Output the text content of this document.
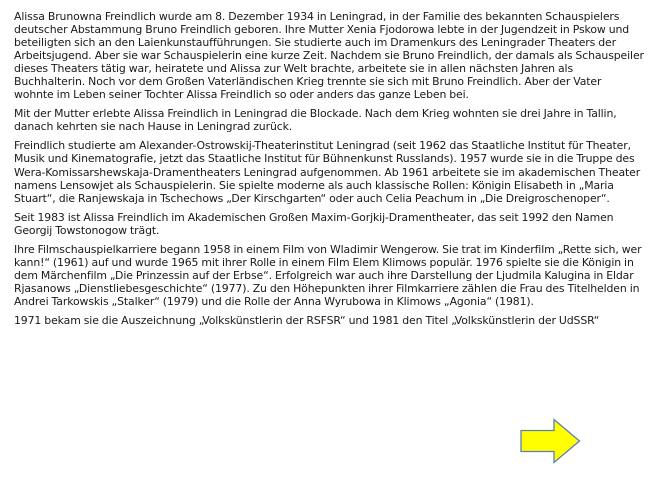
Alissa Brunowna Freindlich wurde am 8. Dezember 1934 in Leningrad, in der Familie des bekannten Schauspielers deutscher Abstammung Bruno Freindlich geboren. Ihre Mutter Xenia Fjodorowa lebte in der Jugendzeit in Pskow und beteiligten sich an den Laienkunstaufführungen. Sie studierte auch im Dramenkurs des Leningrader Theaters der Arbeitsjugend. Aber sie war Schauspielerin eine kurze Zeit. Nachdem sie Bruno Freindlich, der damals als Schauspeiler dieses Theaters tätig war, heiratete und Alissa zur Welt brachte, arbeitete sie in allen nächsten Jahren als Buchhalterin. Noch vor dem Großen Vaterländischen Krieg trennte sie sich mit Bruno Freindlich. Aber der Vater wohnte im Leben seiner Tochter Alissa Freindlich so oder anders das ganze Leben bei.

Mit der Mutter erlebte Alissa Freindlich in Leningrad die Blockade. Nach dem Krieg wohnten sie drei Jahre in Tallin, danach kehrten sie nach Hause in Leningrad zurück.

Freindlich studierte am Alexander-Ostrowskij-Theaterinstitut Leningrad (seit 1962 das Staatliche Institut für Theater, Musik und Kinematografie, jetzt das Staatliche Institut für Bühnenkunst Russlands). 1957 wurde sie in die Truppe des Wera-Komissarshewskaja-Dramentheaters Leningrad aufgenommen. Ab 1961 arbeitete sie im akademischen Theater namens Lensowjet als Schauspielerin. Sie spielte moderne als auch klassische Rollen: Königin Elisabeth in „Maria Stuart“, die Ranjewskaja in Tschechows „Der Kirschgarten“ oder auch Celia Peachum in „Die Dreigroschenoper“.

Seit 1983 ist Alissa Freindlich im Akademischen Großen Maxim-Gorjkij-Dramentheater, das seit 1992 den Namen Georgij Towstonogow trägt.

Ihre Filmschauspielkarriere begann 1958 in einem Film von Wladimir Wengerow. Sie trat im Kinderfilm „Rette sich, wer kann!“ (1961) auf und wurde 1965 mit ihrer Rolle in einem Film Elem Klimows populär. 1976 spielte sie die Königin in dem Märchenfilm „Die Prinzessin auf der Erbse“. Erfolgreich war auch ihre Darstellung der Ljudmila Kalugina in Eldar Rjasanows „Dienstliebesgeschichte“ (1977). Zu den Höhepunkten ihrer Filmkarriere zählen die Frau des Titelhelden in Andrei Tarkowskis „Stalker“ (1979) und die Rolle der Anna Wyrubowa in Klimows „Agonia“ (1981).

1971 bekam sie die Auszeichnung „Volkskünstlerin der RSFSR“ und 1981 den Titel „Volkskünstlerin der UdSSR“
